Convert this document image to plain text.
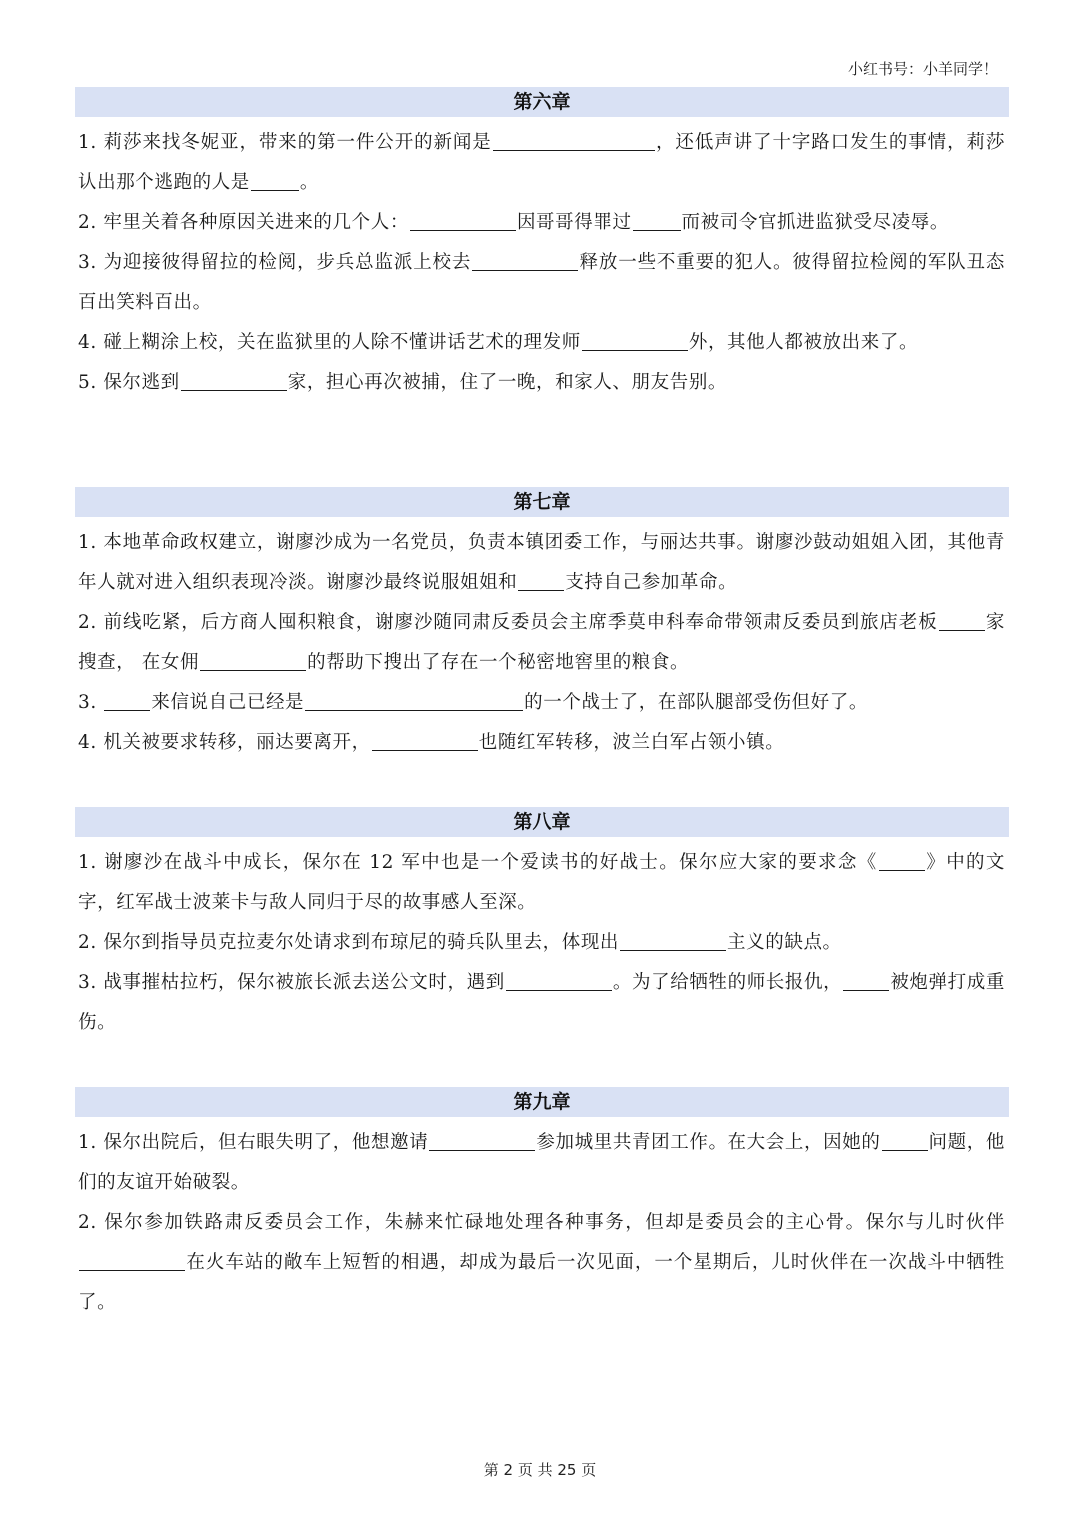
小红书号：小羊同学！
第六章

1. 莉莎来找冬妮亚，带来的第一件公开的新闻是	，还低声讲了十字路口发生的事情，莉莎认出那个逃跑的人是	。

2. 牢里关着各种原因关进来的几个人：	因哥哥得罪过	而被司令官抓进监狱受尽凌辱。

3. 为迎接彼得留拉的检阅，步兵总监派上校去	释放一些不重要的犯人。彼得留拉检阅的军队丑态百出笑料百出。

4. 碰上糊涂上校，关在监狱里的人除不懂讲话艺术的理发师	外，其他人都被放出来了。

5. 保尔逃到	家，担心再次被捕，住了一晚，和家人、朋友告别。

第七章

1. 本地革命政权建立，谢廖沙成为一名党员，负责本镇团委工作，与丽达共事。谢廖沙鼓动姐姐入团，其他青年人就对进入组织表现冷淡。谢廖沙最终说服姐姐和	支持自己参加革命。

2. 前线吃紧，后方商人囤积粮食，谢廖沙随同肃反委员会主席季莫申科奉命带领肃反委员到旅店老板	家搜查， 在女佣	的帮助下搜出了存在一个秘密地窖里的粮食。

3.	来信说自己已经是	的一个战士了，在部队腿部受伤但好了。

4. 机关被要求转移，丽达要离开，	也随红军转移，波兰白军占领小镇。

第八章

1. 谢廖沙在战斗中成长，保尔在 12 军中也是一个爱读书的好战士。保尔应大家的要求念《	》中的文字，红军战士波莱卡与敌人同归于尽的故事感人至深。

2. 保尔到指导员克拉麦尔处请求到布琼尼的骑兵队里去，体现出	主义的缺点。

3. 战事摧枯拉朽，保尔被旅长派去送公文时，遇到	。为了给牺牲的师长报仇，	被炮弹打成重伤。

第九章

1. 保尔出院后，但右眼失明了，他想邀请	参加城里共青团工作。在大会上，因她的	问题，他们的友谊开始破裂。

2. 保尔参加铁路肃反委员会工作，朱赫来忙碌地处理各种事务，但却是委员会的主心骨。保尔与儿时伙伴在火车站的敞车上短暂的相遇，却成为最后一次见面，一个星期后，儿时伙伴在一次战斗中牺牲了。

第 2 页 共 25 页
